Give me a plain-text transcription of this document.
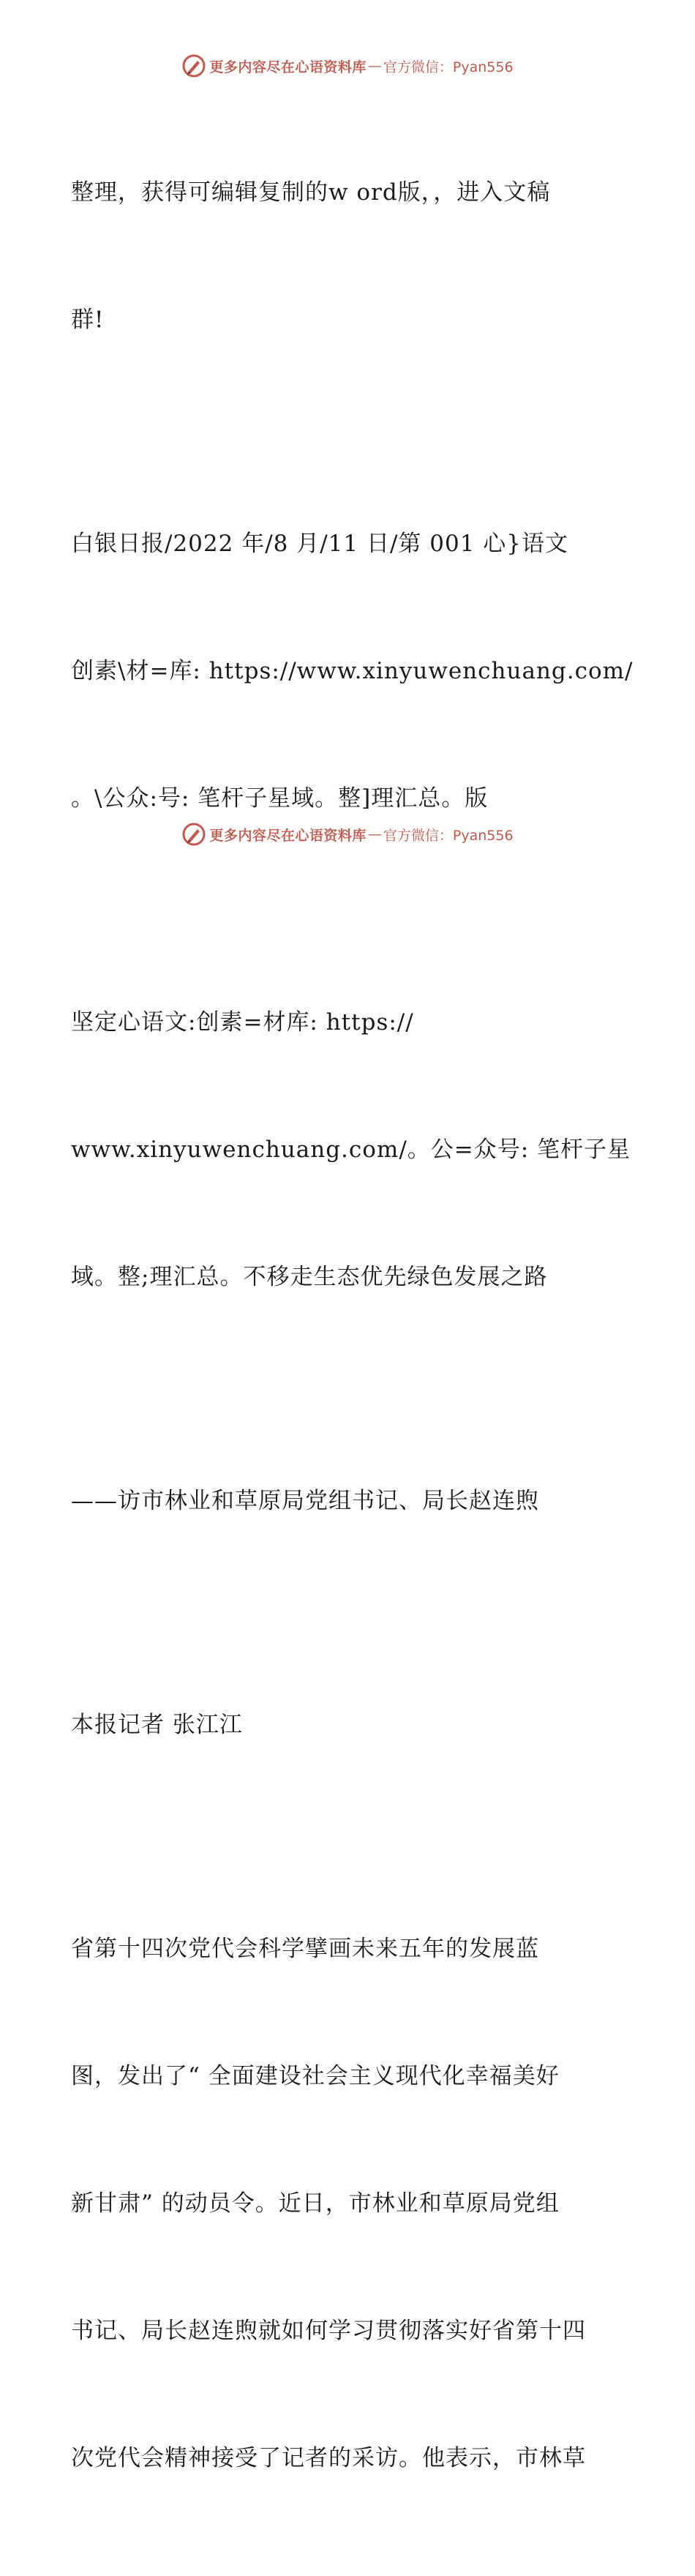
更多内容尽在心语资料库 — 官方微信：Pyan556

整理，获得可编辑复制的w ord版，，进入文稿

群!

白银日报/2022 年/8 月/11 日/第 001 心}语文

创素\材=库: https://www.xinyuwenchuang.com/

。\公众:号: 笔杆子星域。整]理汇总。版

坚定心语文:创素=材库: https://

www.xinyuwenchuang.com/。公=众号: 笔杆子星

域。整;理汇总。不移走生态优先绿色发展之路

——访市林业和草原局党组书记、局长赵连煦

本报记者 张江江

省第十四次党代会科学擘画未来五年的发展蓝

图，发出了“ 全面建设社会主义现代化幸福美好

新甘肃” 的动员令。近日，市林业和草原局党组

书记、局长赵连煦就如何学习贯彻落实好省第十四

次党代会精神接受了记者的采访。他表示，市林草

更多内容尽在心语资料库 — 官方微信：Pyan556
